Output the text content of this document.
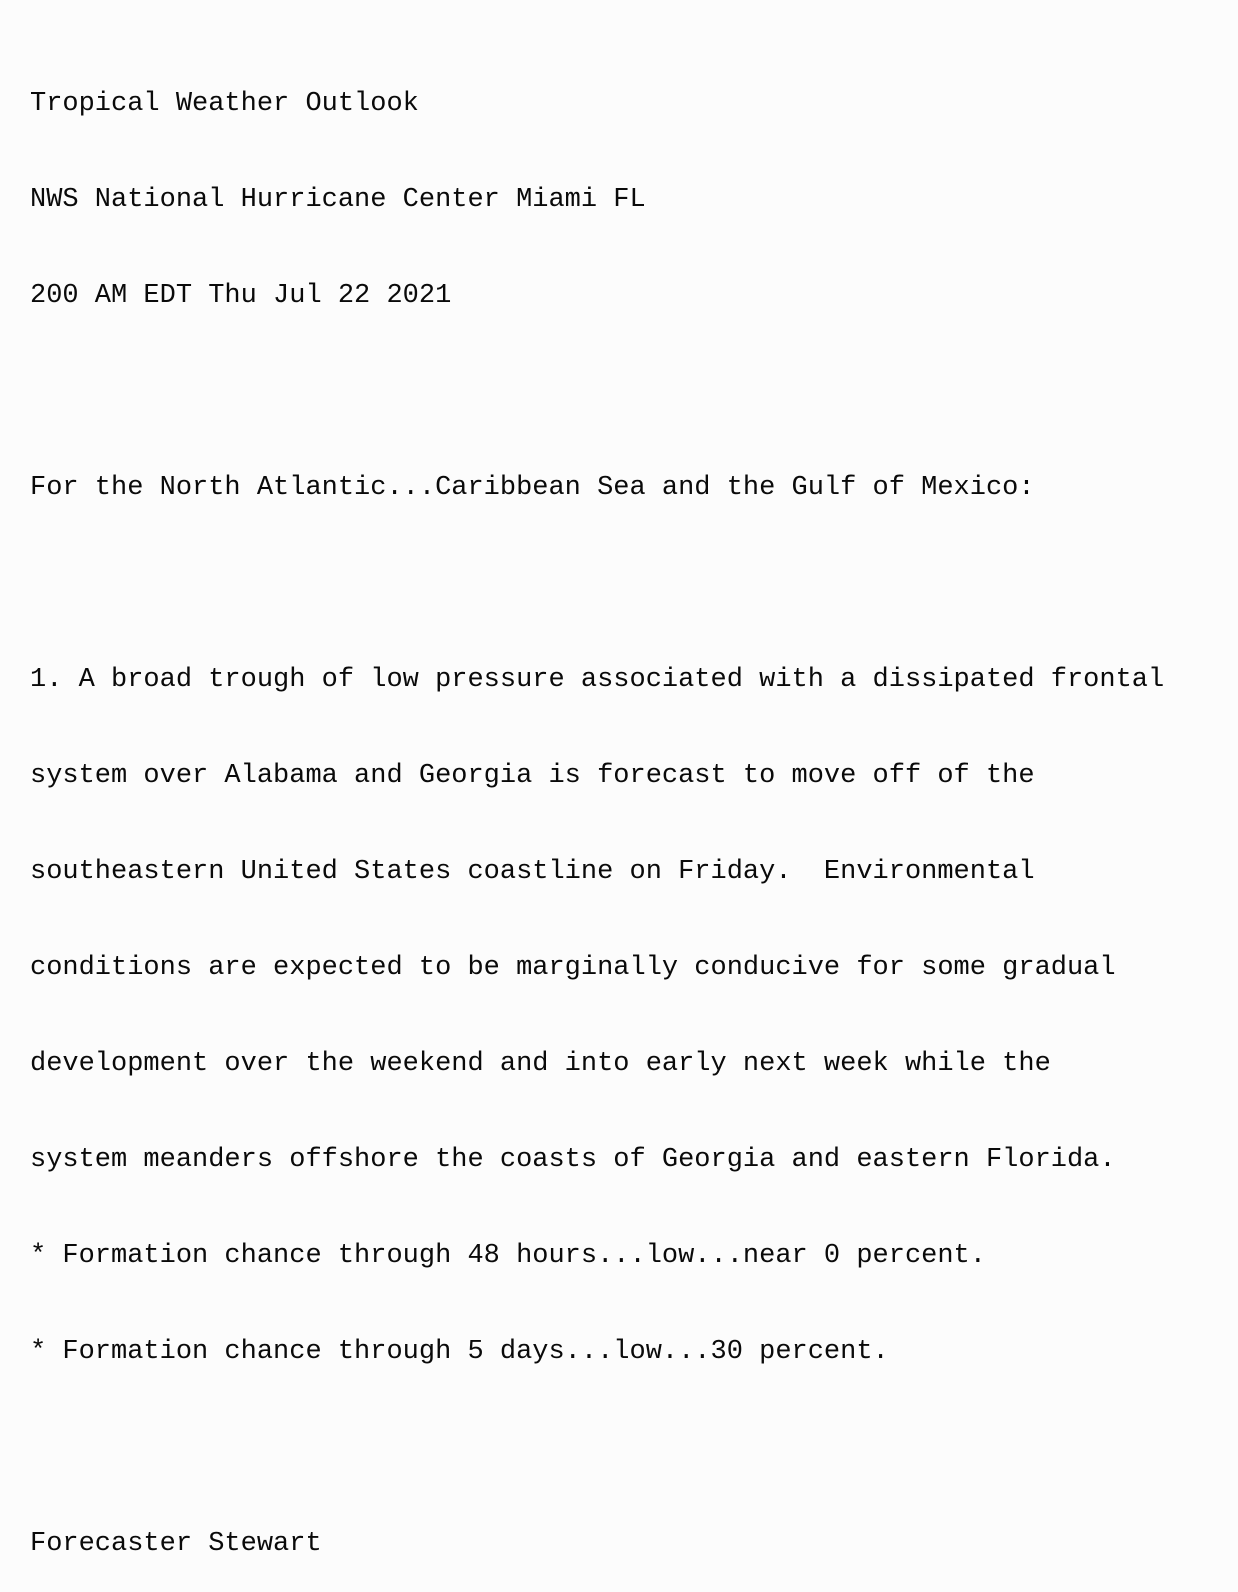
Tropical Weather Outlook

NWS National Hurricane Center Miami FL

200 AM EDT Thu Jul 22 2021

For the North Atlantic...Caribbean Sea and the Gulf of Mexico:

1. A broad trough of low pressure associated with a dissipated frontal

system over Alabama and Georgia is forecast to move off of the

southeastern United States coastline on Friday.  Environmental

conditions are expected to be marginally conducive for some gradual

development over the weekend and into early next week while the

system meanders offshore the coasts of Georgia and eastern Florida.

* Formation chance through 48 hours...low...near 0 percent.

* Formation chance through 5 days...low...30 percent.

Forecaster Stewart
